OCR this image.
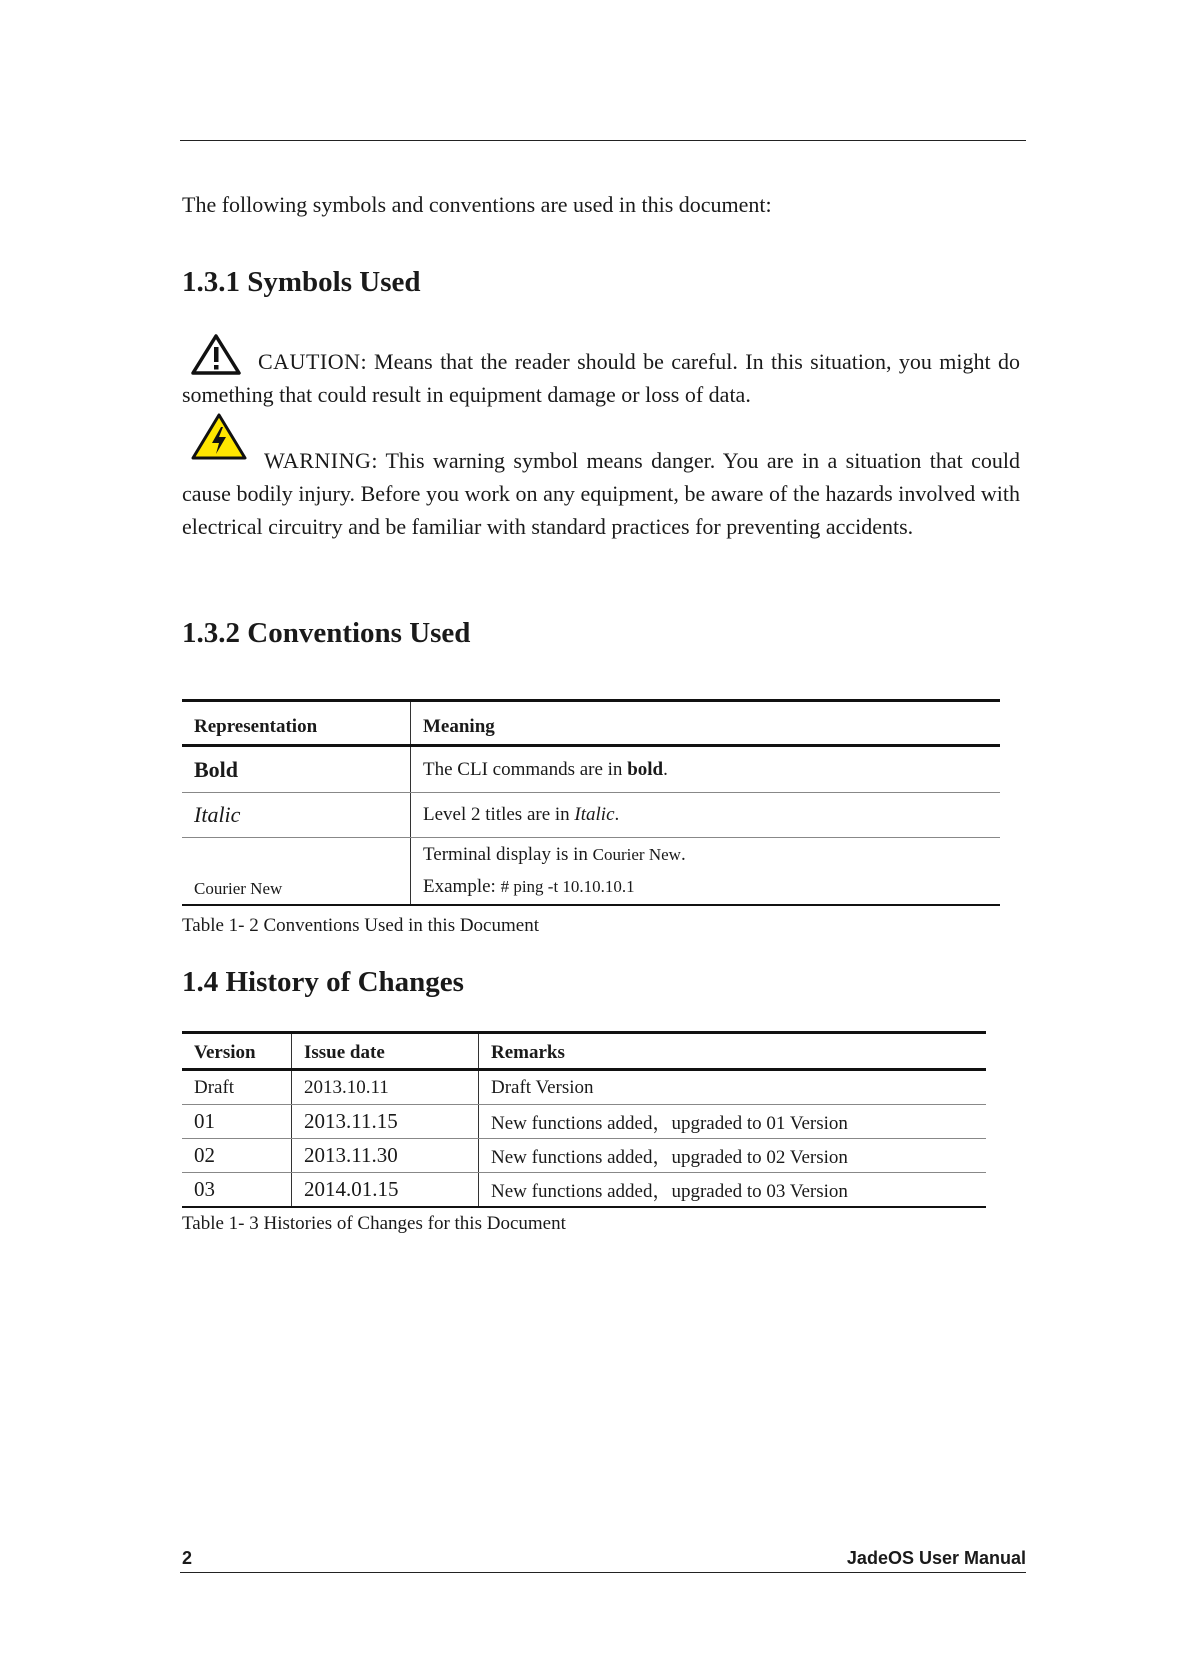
The following symbols and conventions are used in this document:
1.3.1 Symbols Used
CAUTION: Means that the reader should be careful. In this situation, you might do something that could result in equipment damage or loss of data.
WARNING: This warning symbol means danger. You are in a situation that could cause bodily injury. Before you work on any equipment, be aware of the hazards involved with electrical circuitry and be familiar with standard practices for preventing accidents.
1.3.2 Conventions Used
Representation	Meaning
Bold	The CLI commands are in bold.
Italic	Level 2 titles are in Italic.
Courier New	Terminal display is in Courier New.
Example: # ping -t 10.10.10.1
Table 1- 2 Conventions Used in this Document
1.4 History of Changes
Version	Issue date	Remarks
Draft	2013.10.11	Draft Version
01	2013.11.15	New functions added，upgraded to 01 Version
02	2013.11.30	New functions added，upgraded to 02 Version
03	2014.01.15	New functions added，upgraded to 03 Version
Table 1- 3 Histories of Changes for this Document
2	JadeOS User Manual
